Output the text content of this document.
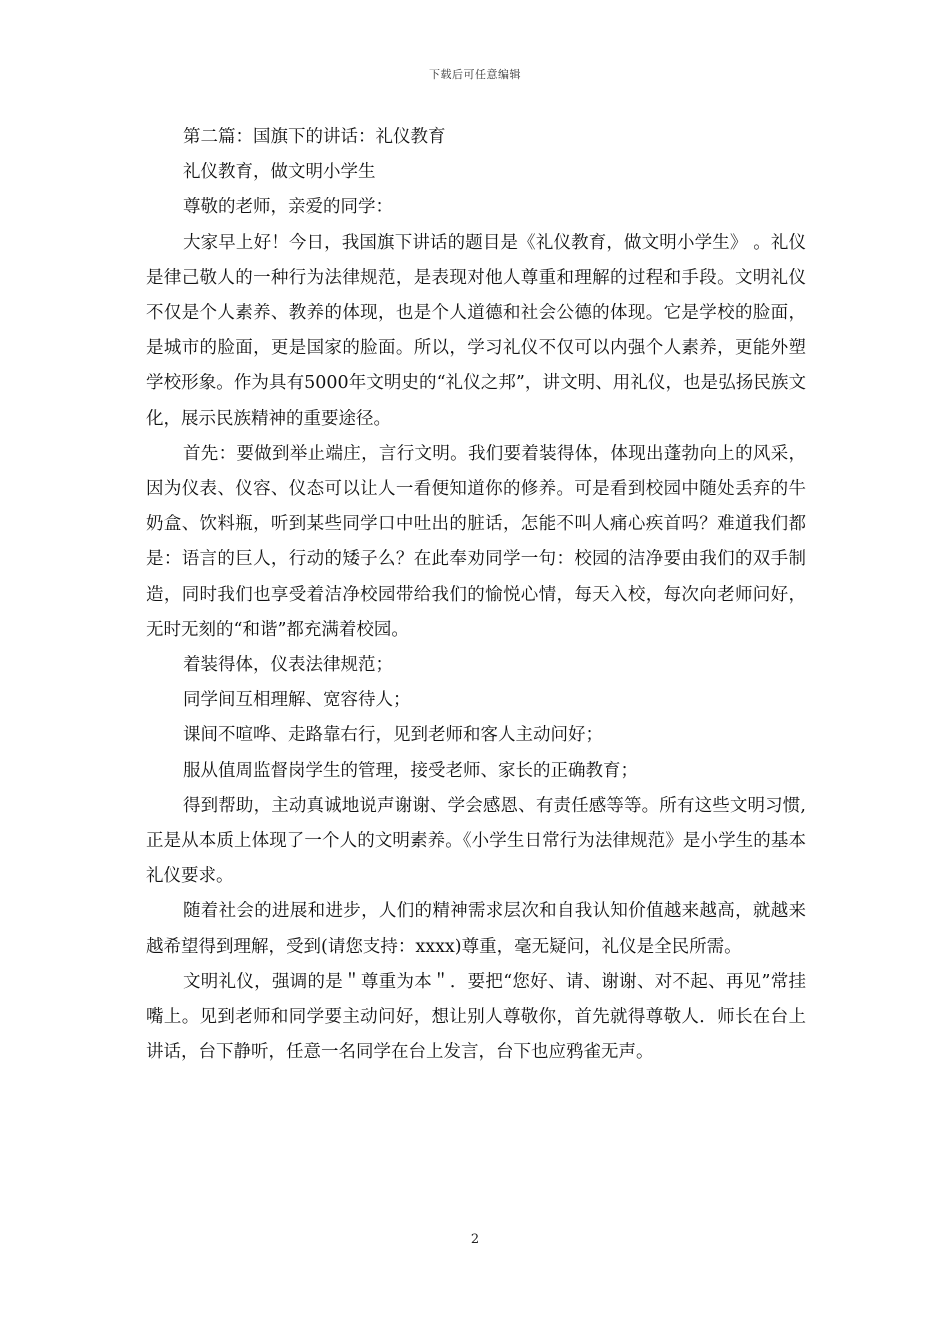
下载后可任意编辑

第二篇：国旗下的讲话：礼仪教育

礼仪教育，做文明小学生

尊敬的老师，亲爱的同学：

大家早上好！今日，我国旗下讲话的题目是《礼仪教育，做文明小学生》 。礼仪是律己敬人的一种行为法律规范，是表现对他人尊重和理解的过程和手段。文明礼仪不仅是个人素养、教养的体现，也是个人道德和社会公德的体现。它是学校的脸面，是城市的脸面，更是国家的脸面。所以，学习礼仪不仅可以内强个人素养，更能外塑学校形象。作为具有5000年文明史的“礼仪之邦”，讲文明、用礼仪，也是弘扬民族文化，展示民族精神的重要途径。

首先：要做到举止端庄，言行文明。我们要着装得体，体现出蓬勃向上的风采，因为仪表、仪容、仪态可以让人一看便知道你的修养。可是看到校园中随处丢弃的牛奶盒、饮料瓶，听到某些同学口中吐出的脏话，怎能不叫人痛心疾首吗？难道我们都是：语言的巨人，行动的矮子么？在此奉劝同学一句：校园的洁净要由我们的双手制造，同时我们也享受着洁净校园带给我们的愉悦心情，每天入校，每次向老师问好，无时无刻的“和谐”都充满着校园。

着装得体，仪表法律规范；

同学间互相理解、宽容待人；

课间不喧哗、走路靠右行，见到老师和客人主动问好；

服从值周监督岗学生的管理，接受老师、家长的正确教育；

得到帮助，主动真诚地说声谢谢、学会感恩、有责任感等等。所有这些文明习惯,正是从本质上体现了一个人的文明素养。《小学生日常行为法律规范》是小学生的基本礼仪要求。

随着社会的进展和进步，人们的精神需求层次和自我认知价值越来越高，就越来越希望得到理解，受到(请您支持：xxxx)尊重，毫无疑问，礼仪是全民所需。

文明礼仪，强调的是＂尊重为本＂．要把“您好、请、谢谢、对不起、再见”常挂嘴上。见到老师和同学要主动问好，想让别人尊敬你，首先就得尊敬人．师长在台上讲话，台下静听，任意一名同学在台上发言，台下也应鸦雀无声。

2
